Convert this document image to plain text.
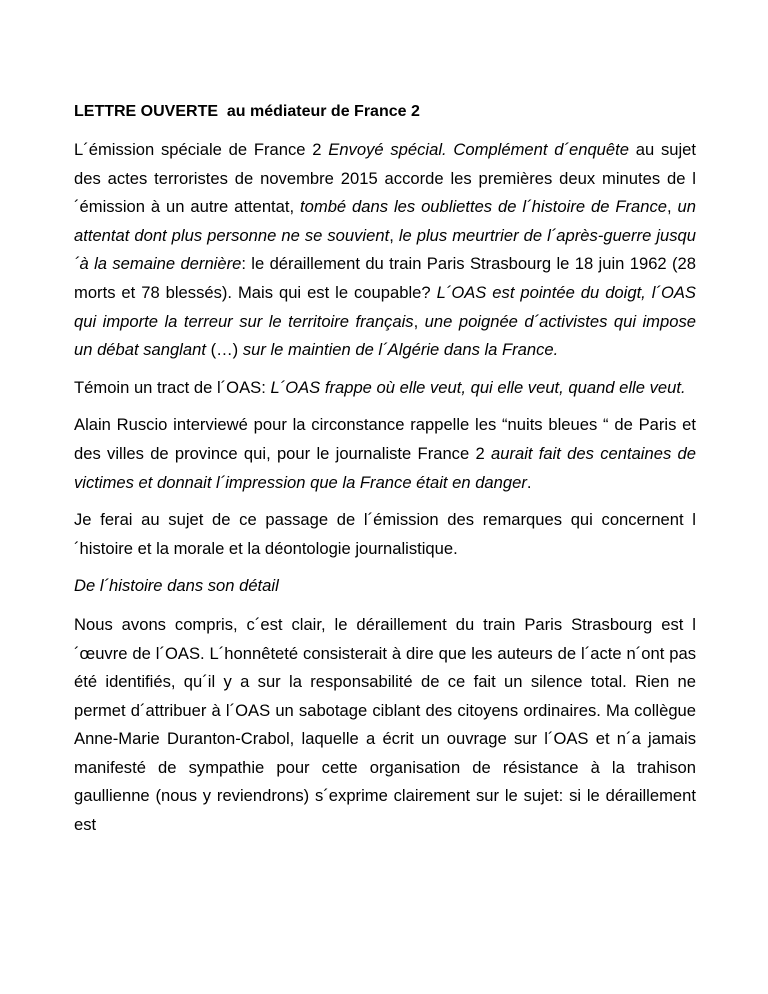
LETTRE OUVERTE  au médiateur de France 2

L´émission spéciale de France 2 Envoyé spécial. Complément d´enquête au sujet des actes terroristes de novembre 2015 accorde les premières deux minutes de l´émission à un autre attentat, tombé dans les oubliettes de l´histoire de France, un attentat dont plus personne ne se souvient, le plus meurtrier de l´après-guerre jusqu´à la semaine dernière: le déraillement du train Paris Strasbourg le 18 juin 1962 (28 morts et 78 blessés). Mais qui est le coupable? L´OAS est pointée du doigt, l´OAS qui importe la terreur sur le territoire français, une poignée d´activistes qui impose un débat sanglant (…) sur le maintien de l´Algérie dans la France.

Témoin un tract de l´OAS: L´OAS frappe où elle veut, qui elle veut, quand elle veut.

Alain Ruscio interviewé pour la circonstance rappelle les “nuits bleues “ de Paris et des villes de province qui, pour le journaliste France 2 aurait fait des centaines de victimes et donnait l´impression que la France était en danger.

Je ferai au sujet de ce passage de l´émission des remarques qui concernent l´histoire et la morale et la déontologie journalistique.

De l´histoire dans son détail

Nous avons compris, c´est clair, le déraillement du train Paris Strasbourg est l´œuvre de l´OAS. L´honnêteté consisterait à dire que les auteurs de l´acte n´ont pas été identifiés, qu´il y a sur la responsabilité de ce fait un silence total. Rien ne permet d´attribuer à l´OAS un sabotage ciblant des citoyens ordinaires. Ma collègue Anne-Marie Duranton-Crabol, laquelle a écrit un ouvrage sur l´OAS et n´a jamais manifesté de sympathie pour cette organisation de résistance à la trahison gaullienne (nous y reviendrons) s´exprime clairement sur le sujet: si le déraillement est
